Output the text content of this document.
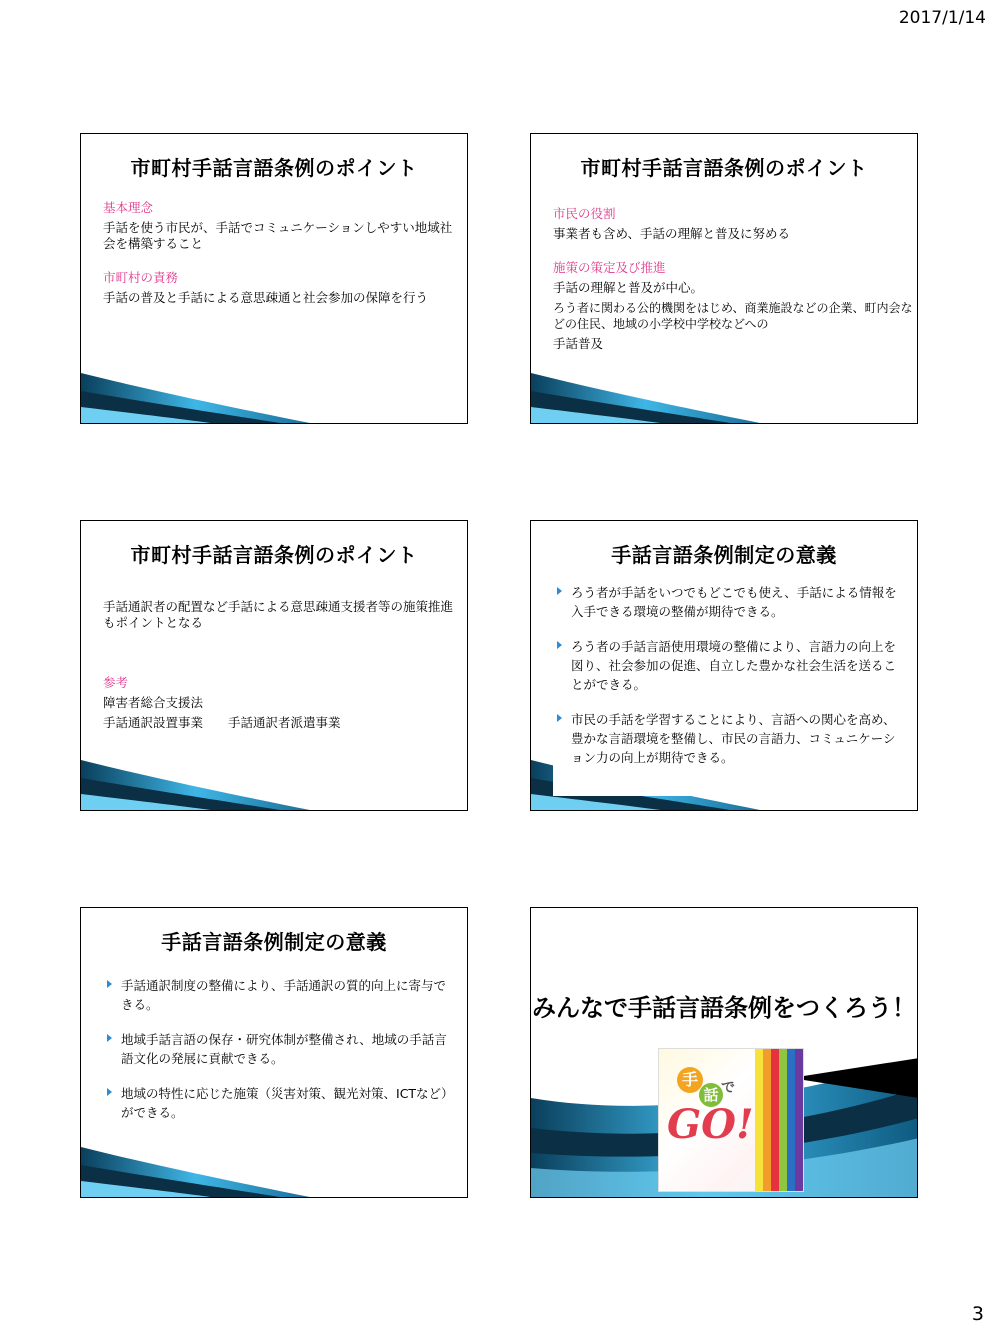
2017/1/14
市町村手話言語条例のポイント
基本理念
手話を使う市民が、手話でコミュニケーションしやすい地域社会を構築すること
市町村の責務
手話の普及と手話による意思疎通と社会参加の保障を行う
市町村手話言語条例のポイント
市民の役割
事業者も含め、手話の理解と普及に努める
施策の策定及び推進
手話の理解と普及が中心。
ろう者に関わる公的機関をはじめ、商業施設などの企業、町内会などの住民、地域の小学校中学校などへの
手話普及
市町村手話言語条例のポイント
手話通訳者の配置など手話による意思疎通支援者等の施策推進もポイントとなる
参考
障害者総合支援法
手話通訳設置事業　　手話通訳者派遣事業
手話言語条例制定の意義
ろう者が手話をいつでもどこでも使え、手話による情報を入手できる環境の整備が期待できる。
ろう者の手話言語使用環境の整備により、言語力の向上を図り、社会参加の促進、自立した豊かな社会生活を送ることができる。
市民の手話を学習することにより、言語への関心を高め、豊かな言語環境を整備し、市民の言語力、コミュニケーション力の向上が期待できる。
手話言語条例制定の意義
手話通訳制度の整備により、手話通訳の質的向上に寄与できる。
地域手話言語の保存・研究体制が整備され、地域の手話言語文化の発展に貢献できる。
地域の特性に応じた施策（災害対策、観光対策、ICTなど）ができる。
みんなで手話言語条例をつくろう！
手
話 で
GO!
3
